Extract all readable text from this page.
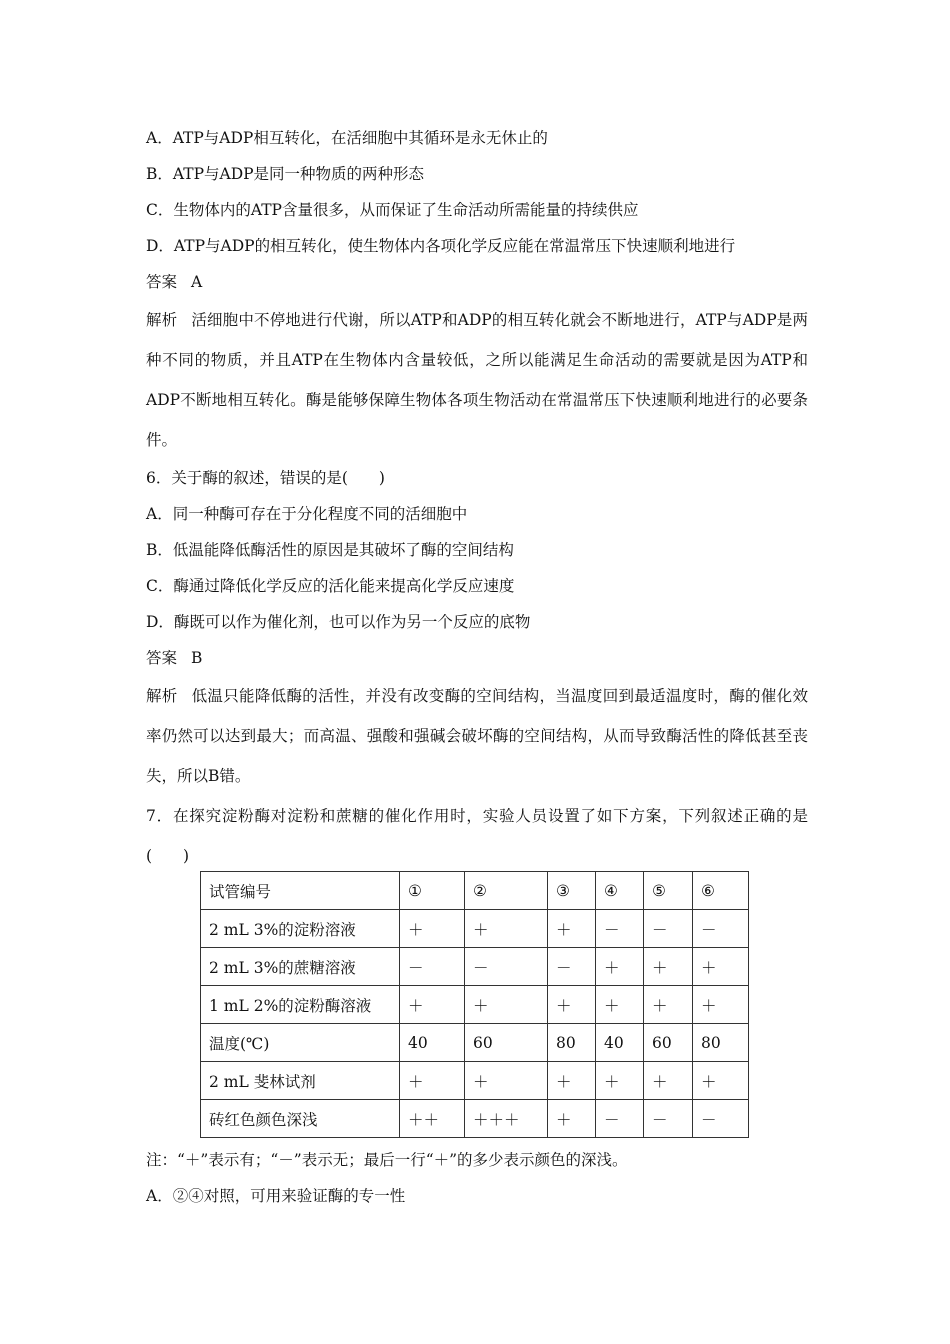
A．ATP与ADP相互转化，在活细胞中其循环是永无休止的
B．ATP与ADP是同一种物质的两种形态
C．生物体内的ATP含量很多，从而保证了生命活动所需能量的持续供应
D．ATP与ADP的相互转化，使生物体内各项化学反应能在常温常压下快速顺利地进行
答案 A
解析 活细胞中不停地进行代谢，所以ATP和ADP的相互转化就会不断地进行，ATP与ADP是两种不同的物质，并且ATP在生物体内含量较低，之所以能满足生命活动的需要就是因为ATP和ADP不断地相互转化。酶是能够保障生物体各项生物活动在常温常压下快速顺利地进行的必要条件。
6．关于酶的叙述，错误的是(　　)
A．同一种酶可存在于分化程度不同的活细胞中
B．低温能降低酶活性的原因是其破坏了酶的空间结构
C．酶通过降低化学反应的活化能来提高化学反应速度
D．酶既可以作为催化剂，也可以作为另一个反应的底物
答案 B
解析 低温只能降低酶的活性，并没有改变酶的空间结构，当温度回到最适温度时，酶的催化效率仍然可以达到最大；而高温、强酸和强碱会破坏酶的空间结构，从而导致酶活性的降低甚至丧失，所以B错。
7．在探究淀粉酶对淀粉和蔗糖的催化作用时，实验人员设置了如下方案，下列叙述正确的是(　　)
试管编号	①	②	③	④	⑤	⑥
2 mL 3%的淀粉溶液	＋	＋	＋	－	－	－
2 mL 3%的蔗糖溶液	－	－	－	＋	＋	＋
1 mL 2%的淀粉酶溶液	＋	＋	＋	＋	＋	＋
温度(℃)	40	60	80	40	60	80
2 mL 斐林试剂	＋	＋	＋	＋	＋	＋
砖红色颜色深浅	＋＋	＋＋＋	＋	－	－	－
注：“＋”表示有；“－”表示无；最后一行“＋”的多少表示颜色的深浅。
A．②④对照，可用来验证酶的专一性
